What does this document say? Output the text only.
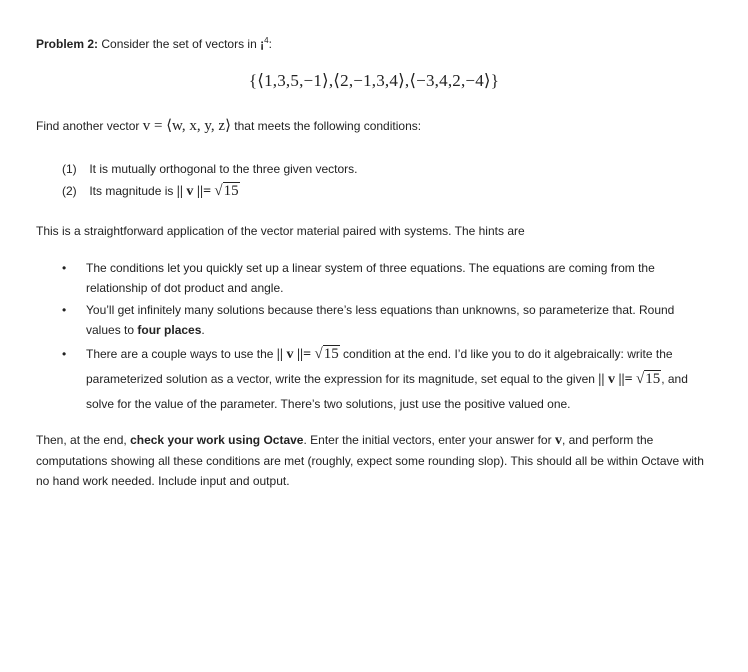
Problem 2: Consider the set of vectors in ¡$^4$:
{⟨1,3,5,−1⟩,⟨2,−1,3,4⟩,⟨−3,4,2,−4⟩}
Find another vector v = ⟨w, x, y, z⟩ that meets the following conditions:
(1) It is mutually orthogonal to the three given vectors.
(2) Its magnitude is || v ||= √15
This is a straightforward application of the vector material paired with systems. The hints are
• The conditions let you quickly set up a linear system of three equations. The equations are coming from the relationship of dot product and angle.
• You’ll get infinitely many solutions because there’s less equations than unknowns, so parameterize that. Round values to four places.
• There are a couple ways to use the || v ||= √15 condition at the end. I’d like you to do it algebraically: write the parameterized solution as a vector, write the expression for its magnitude, set equal to the given || v ||= √15, and solve for the value of the parameter. There’s two solutions, just use the positive valued one.
Then, at the end, check your work using Octave. Enter the initial vectors, enter your answer for v, and perform the computations showing all these conditions are met (roughly, expect some rounding slop). This should all be within Octave with no hand work needed. Include input and output.
